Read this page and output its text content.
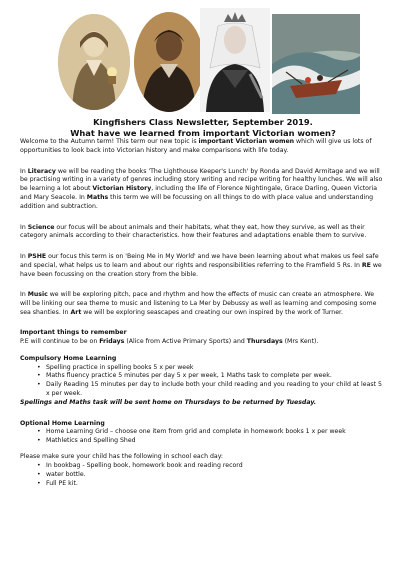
Kingfishers Class Newsletter, September 2019.

What have we learned from important Victorian women?

Welcome to the Autumn term! This term our new topic is important Victorian women which will give us lots of opportunities to look back into Victorian history and make comparisons with life today.

In Literacy we will be reading the books 'The Lighthouse Keeper's Lunch' by Ronda and David Armitage and we will be practising writing in a variety of genres including story writing and recipe writing for healthy lunches. We will also be learning a lot about Victorian History, including the life of Florence Nightingale, Grace Darling, Queen Victoria and Mary Seacole. In Maths this term we will be focussing on all things to do with place value and understanding addition and subtraction.

In Science our focus will be about animals and their habitats, what they eat, how they survive, as well as their category animals according to their characteristics. how their features and adaptations enable them to survive.

In PSHE our focus this term is on 'Being Me in My World' and we have been learning about what makes us feel safe and special, what helps us to learn and about our rights and responsibilities referring to the Framfield 5 Rs. In RE we have been focussing on the creation story from the bible.

In Music we will be exploring pitch, pace and rhythm and how the effects of music can create an atmosphere. We will be linking our sea theme to music and listening to La Mer by Debussy as well as learning and composing some sea shanties. In Art we will be exploring seascapes and creating our own inspired by the work of Turner.

Important things to remember

P.E will continue to be on Fridays (Alice from Active Primary Sports) and Thursdays (Mrs Kent).

Compulsory Home Learning

• Spelling practice in spelling books 5 x per week
• Maths fluency practice 5 minutes per day 5 x per week, 1 Maths task to complete per week.
• Daily Reading 15 minutes per day to include both your child reading and you reading to your child at least 5 x per week.

Spellings and Maths task will be sent home on Thursdays to be returned by Tuesday.

Optional Home Learning

• Home Learning Grid – choose one item from grid and complete in homework books 1 x per week
• Mathletics and Spelling Shed

Please make sure your child has the following in school each day:

• In bookbag - Spelling book, homework book and reading record
• water bottle.
• Full PE kit.
